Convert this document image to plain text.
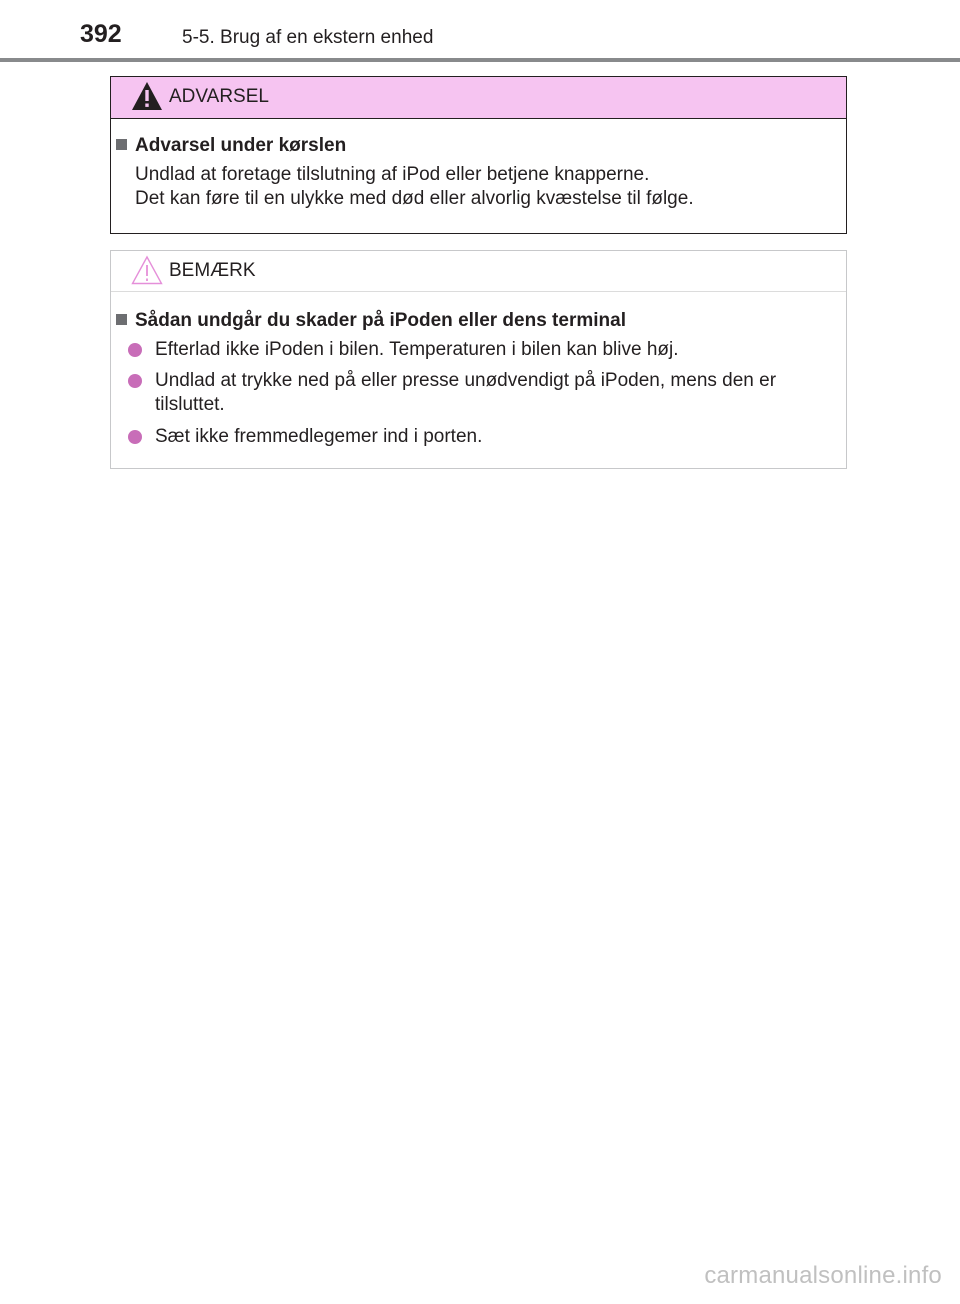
392	5-5. Brug af en ekstern enhed
ADVARSEL
Advarsel under kørslen
Undlad at foretage tilslutning af iPod eller betjene knapperne.
Det kan føre til en ulykke med død eller alvorlig kvæstelse til følge.
BEMÆRK
Sådan undgår du skader på iPoden eller dens terminal
Efterlad ikke iPoden i bilen. Temperaturen i bilen kan blive høj.
Undlad at trykke ned på eller presse unødvendigt på iPoden, mens den er tilsluttet.
Sæt ikke fremmedlegemer ind i porten.
carmanualsonline.info
